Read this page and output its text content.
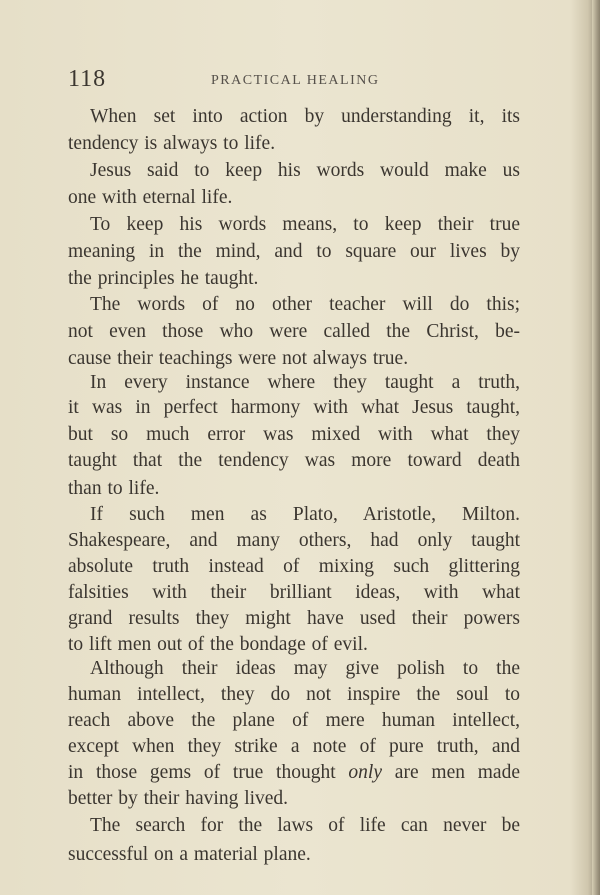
118	PRACTICAL HEALING
When set into action by understanding it, its
tendency is always to life.
Jesus said to keep his words would make us
one with eternal life.
To keep his words means, to keep their true
meaning in the mind, and to square our lives by
the principles he taught.
The words of no other teacher will do this;
not even those who were called the Christ, be-
cause their teachings were not always true.
In every instance where they taught a truth,
it was in perfect harmony with what Jesus taught,
but so much error was mixed with what they
taught that the tendency was more toward death
than to life.
If such men as Plato, Aristotle, Milton.
Shakespeare, and many others, had only taught
absolute truth instead of mixing such glittering
falsities with their brilliant ideas, with what
grand results they might have used their powers
to lift men out of the bondage of evil.
Although their ideas may give polish to the
human intellect, they do not inspire the soul to
reach above the plane of mere human intellect,
except when they strike a note of pure truth, and
in those gems of true thought only are men made
better by their having lived.
The search for the laws of life can never be
successful on a material plane.
